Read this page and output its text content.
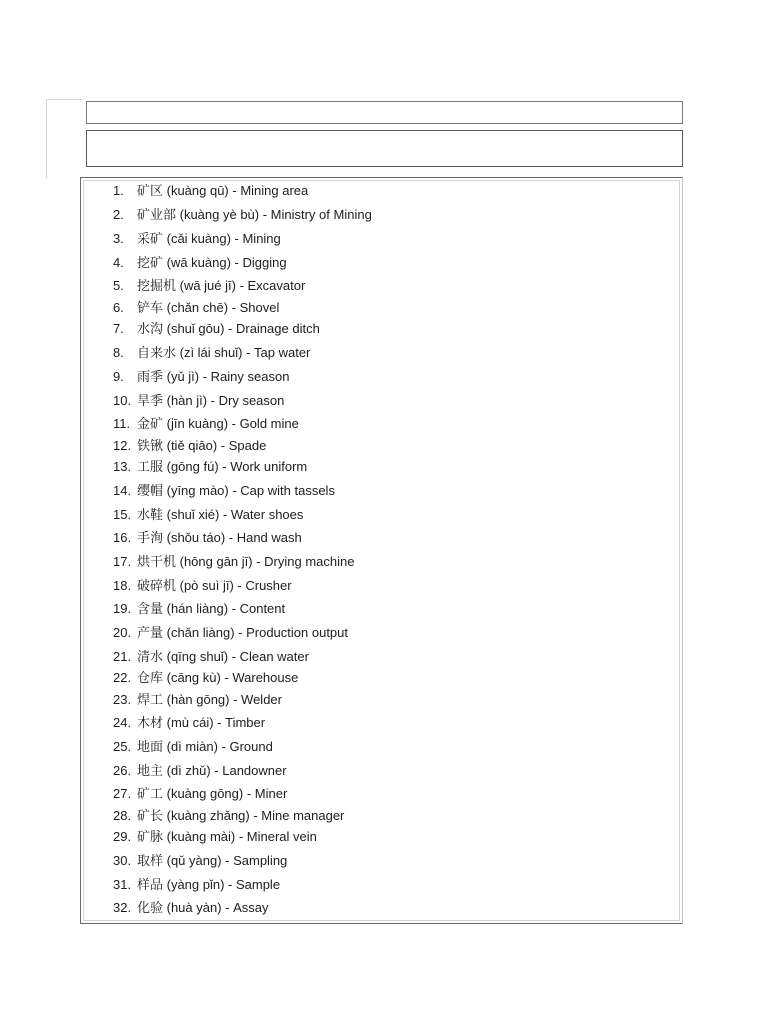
1.	矿区 (kuàng qū) - Mining area
2.	矿业部 (kuàng yè bù) - Ministry of Mining
3.	采矿 (cǎi kuàng) - Mining
4.	挖矿 (wā kuàng) - Digging
5.	挖掘机 (wā jué jī) - Excavator
6.	铲车 (chǎn chē) - Shovel
7.	水沟 (shuǐ gōu) - Drainage ditch
8.	自来水 (zì lái shuǐ) - Tap water
9.	雨季 (yǔ jì) - Rainy season
10. 旱季 (hàn jì) - Dry season
11. 金矿 (jīn kuàng) - Gold mine
12. 铁锹 (tiě qiāo) - Spade
13. 工服 (gōng fú) - Work uniform
14. 缨帽 (yīng mào) - Cap with tassels
15. 水鞋 (shuǐ xié) - Water shoes
16. 手洵 (shǒu táo) - Hand wash
17. 烘干机 (hōng gān jī) - Drying machine
18. 破碎机 (pò suì jī) - Crusher
19. 含量 (hán liàng) - Content
20. 产量 (chǎn liàng) - Production output
21. 清水 (qīng shuǐ) - Clean water
22. 仓库 (cāng kù) - Warehouse
23. 焊工 (hàn gōng) - Welder
24. 木材 (mù cái) - Timber
25. 地面 (dì miàn) - Ground
26. 地主 (dì zhǔ) - Landowner
27. 矿工 (kuàng gōng) - Miner
28. 矿长 (kuàng zhǎng) - Mine manager
29. 矿脉 (kuàng mài) - Mineral vein
30. 取样 (qǔ yàng) - Sampling
31. 样品 (yàng pǐn) - Sample
32. 化验 (huà yàn) - Assay
